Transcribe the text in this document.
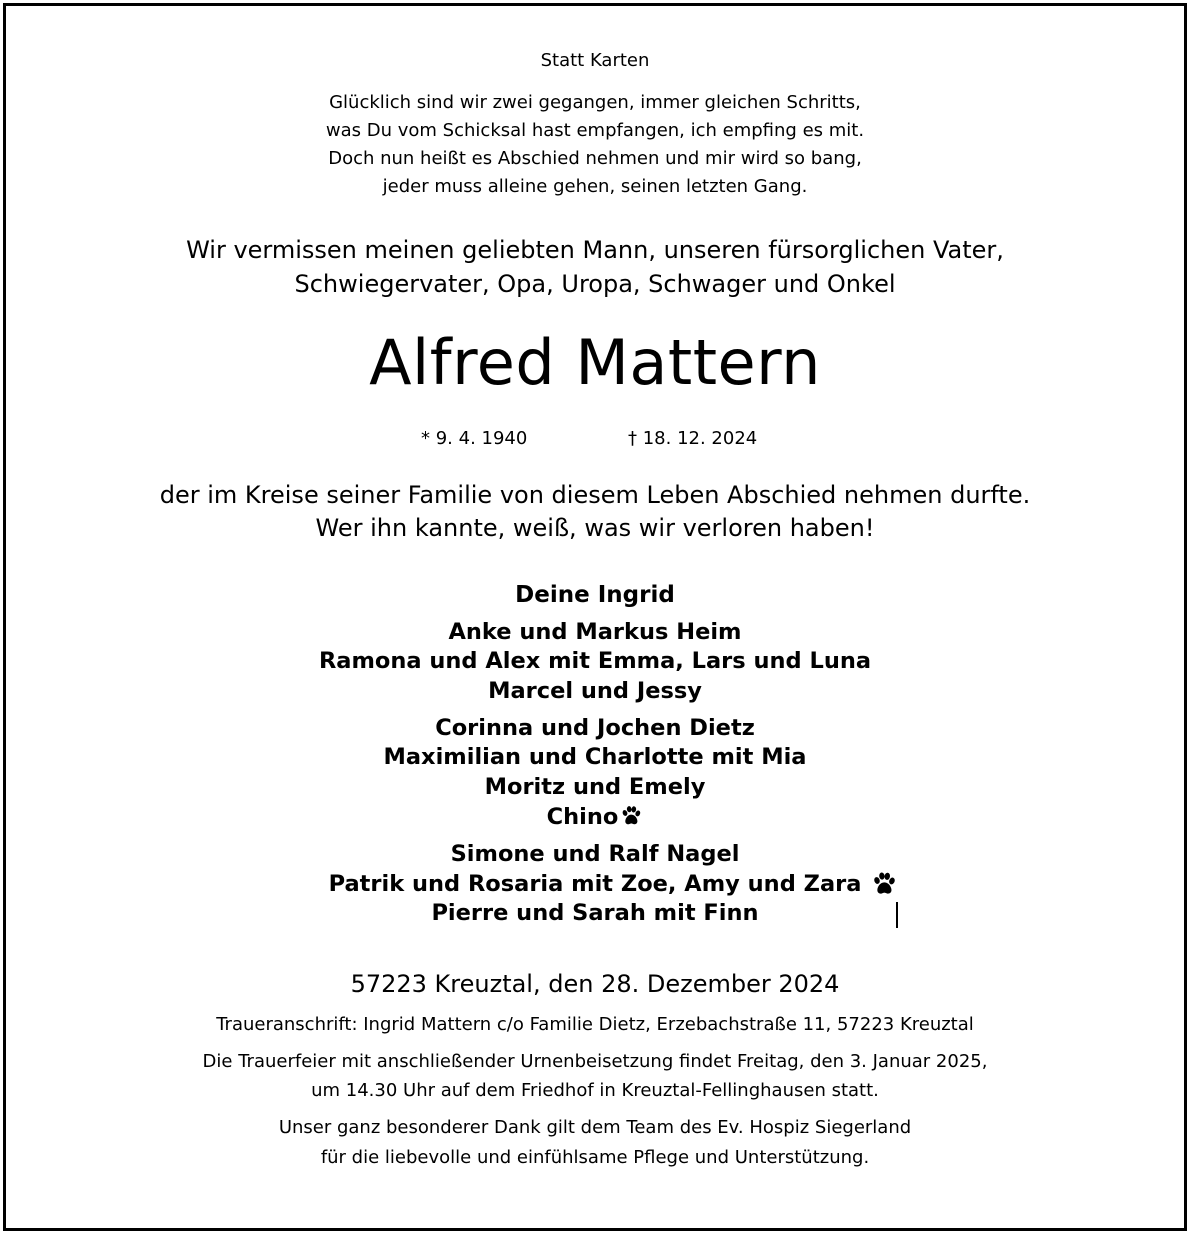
Statt Karten
Glücklich sind wir zwei gegangen, immer gleichen Schritts,
was Du vom Schicksal hast empfangen, ich empfing es mit.
Doch nun heißt es Abschied nehmen und mir wird so bang,
jeder muss alleine gehen, seinen letzten Gang.
Wir vermissen meinen geliebten Mann, unseren fürsorglichen Vater,
Schwiegervater, Opa, Uropa, Schwager und Onkel
Alfred Mattern
* 9. 4. 1940	† 18. 12. 2024
der im Kreise seiner Familie von diesem Leben Abschied nehmen durfte.
Wer ihn kannte, weiß, was wir verloren haben!
Deine Ingrid
Anke und Markus Heim
Ramona und Alex mit Emma, Lars und Luna
Marcel und Jessy
Corinna und Jochen Dietz
Maximilian und Charlotte mit Mia
Moritz und Emely
Chino
Simone und Ralf Nagel
Patrik und Rosaria mit Zoe, Amy und Zara
Pierre und Sarah mit Finn
57223 Kreuztal, den 28. Dezember 2024
Traueranschrift: Ingrid Mattern c/o Familie Dietz, Erzebachstraße 11, 57223 Kreuztal
Die Trauerfeier mit anschließender Urnenbeisetzung findet Freitag, den 3. Januar 2025,
um 14.30 Uhr auf dem Friedhof in Kreuztal-Fellinghausen statt.
Unser ganz besonderer Dank gilt dem Team des Ev. Hospiz Siegerland
für die liebevolle und einfühlsame Pflege und Unterstützung.
